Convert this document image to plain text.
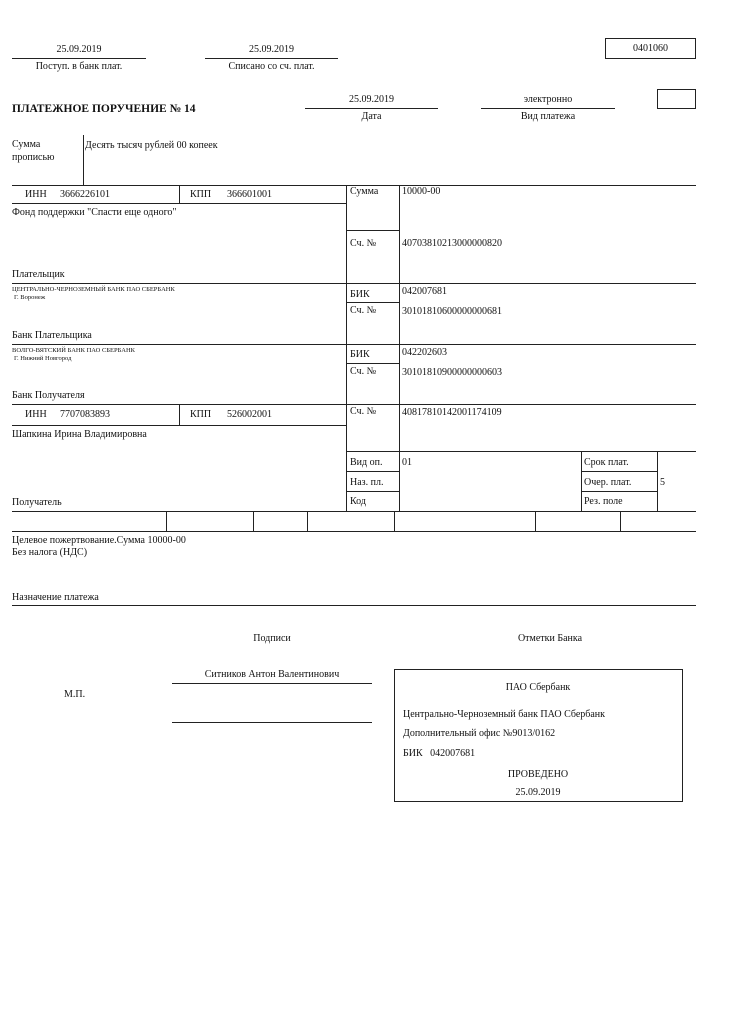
25.09.2019
Поступ. в банк плат.
25.09.2019
Списано со сч. плат.
0401060
ПЛАТЕЖНОЕ ПОРУЧЕНИЕ № 14
25.09.2019
Дата
электронно
Вид платежа
Сумма
прописью
Десять тысяч рублей 00 копеек
ИНН 3666226101	КПП 366601001
Фонд поддержки "Спасти еще одного"
Плательщик
Сумма 10000-00
Сч. №	40703810213000000820
ЦЕНТРАЛЬНО-ЧЕРНОЗЕМНЫЙ БАНК ПАО СБЕРБАНК
Г. Воронеж
Банк Плательщика
БИК	042007681
Сч. №	30101810600000000681
ВОЛГО-ВЯТСКИЙ БАНК ПАО СБЕРБАНК
Г. Нижний Новгород
Банк Получателя
БИК	042202603
Сч. №	30101810900000000603
ИНН 7707083893	КПП 526002001
Шапкина Ирина Владимировна
Получатель
Сч. №	40817810142001174109
Вид оп. 01
Наз. пл.
Код
Срок плат.
Очер. плат.	5
Рез. поле
Целевое пожертвование.Сумма 10000-00
Без налога (НДС)
Назначение платежа
Подписи
Ситников Антон Валентинович
М.П.
Отметки Банка
ПАО Сбербанк
Центрально-Черноземный банк ПАО Сбербанк
Дополнительный офис №9013/0162
БИК   042007681
ПРОВЕДЕНО
25.09.2019
